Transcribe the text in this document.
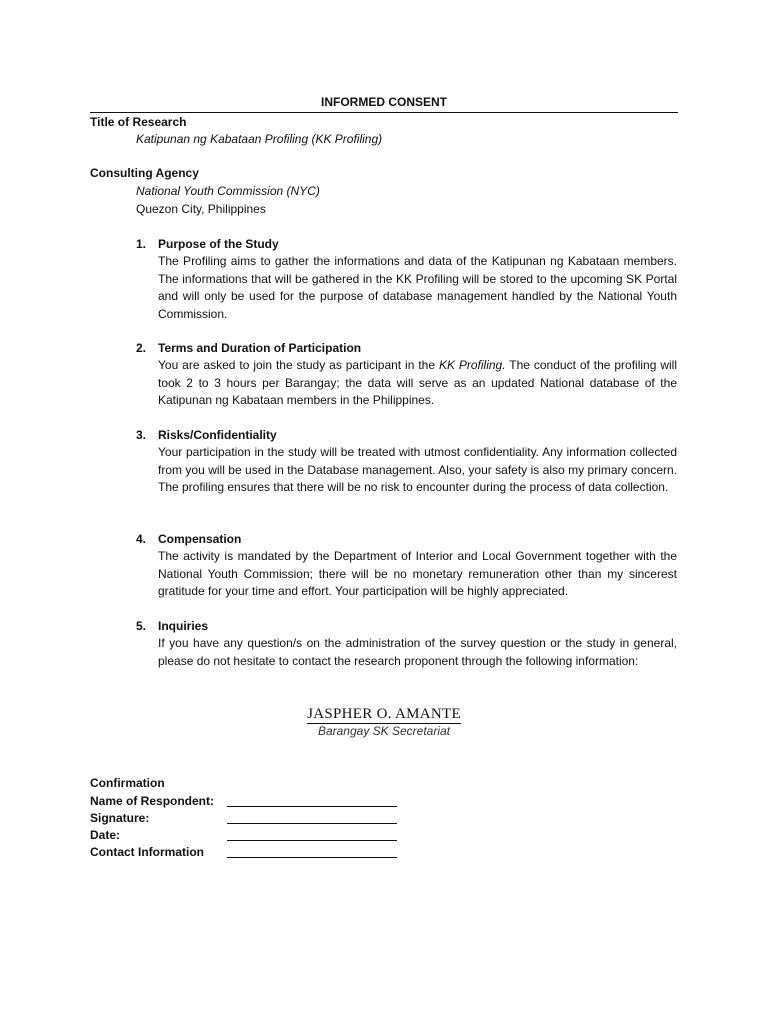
INFORMED CONSENT
Title of Research
Katipunan ng Kabataan Profiling (KK Profiling)
Consulting Agency
National Youth Commission (NYC)
Quezon City, Philippines
1. Purpose of the Study
The Profiling aims to gather the informations and data of the Katipunan ng Kabataan members. The informations that will be gathered in the KK Profiling will be stored to the upcoming SK Portal and will only be used for the purpose of database management handled by the National Youth Commission.
2. Terms and Duration of Participation
You are asked to join the study as participant in the KK Profiling. The conduct of the profiling will took 2 to 3 hours per Barangay; the data will serve as an updated National database of the Katipunan ng Kabataan members in the Philippines.
3. Risks/Confidentiality
Your participation in the study will be treated with utmost confidentiality. Any information collected from you will be used in the Database management. Also, your safety is also my primary concern. The profiling ensures that there will be no risk to encounter during the process of data collection.
4. Compensation
The activity is mandated by the Department of Interior and Local Government together with the National Youth Commission; there will be no monetary remuneration other than my sincerest gratitude for your time and effort. Your participation will be highly appreciated.
5. Inquiries
If you have any question/s on the administration of the survey question or the study in general, please do not hesitate to contact the research proponent through the following information:
JASPHER O. AMANTE
Barangay SK Secretariat
Confirmation
Name of Respondent:
Signature:
Date:
Contact Information
